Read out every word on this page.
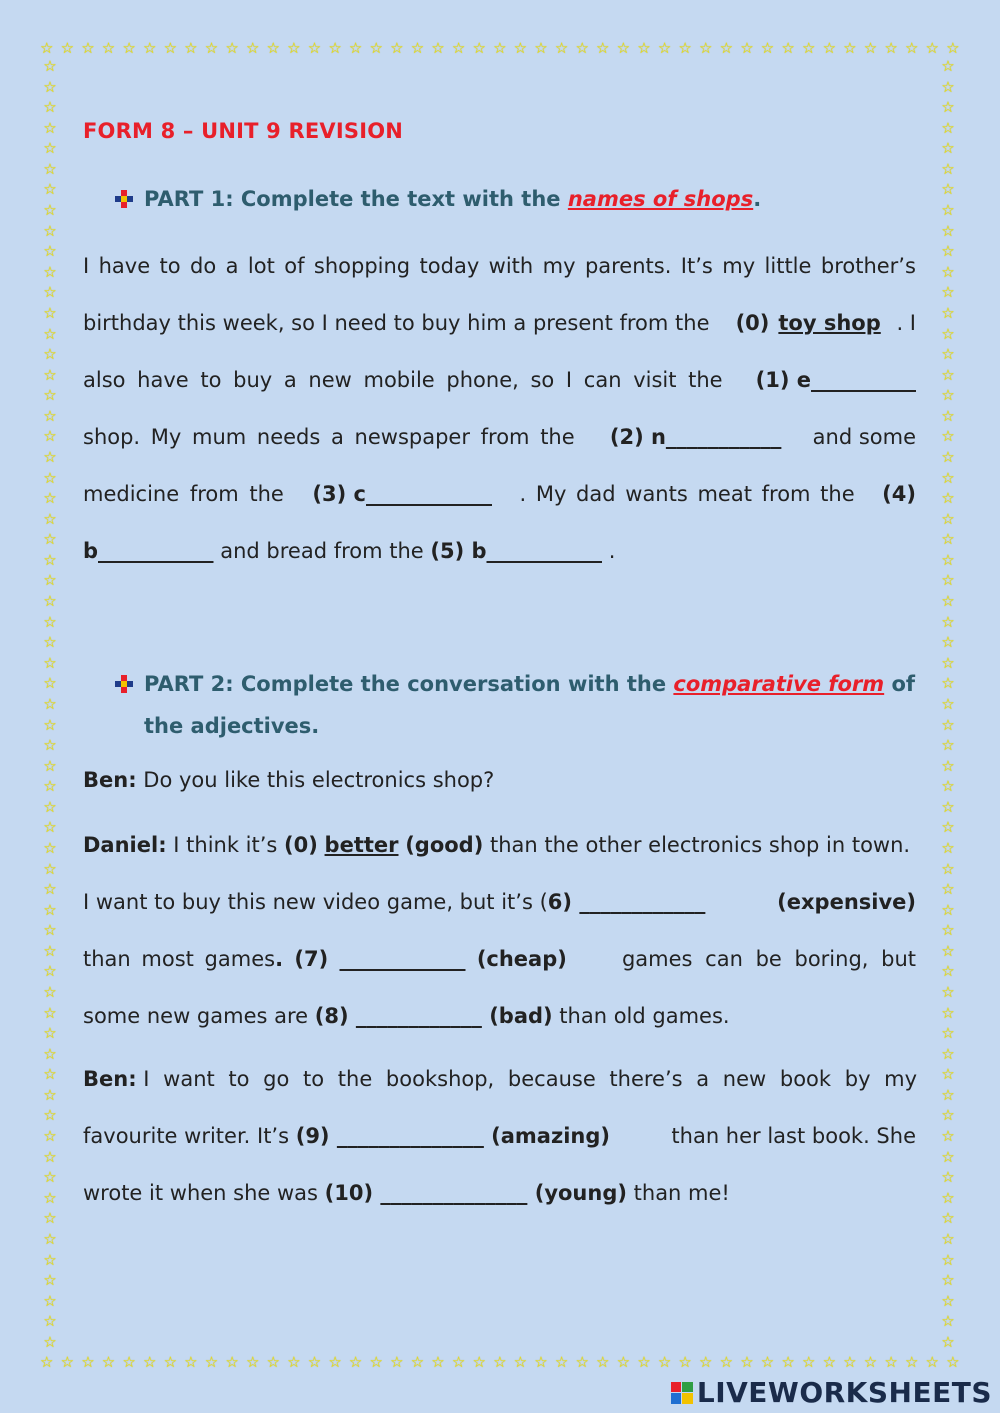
☆ ☆ ☆ ☆ ☆ ☆ ☆ ☆ ☆ ☆ ☆ ☆ ☆ ☆ ☆ ☆ ☆ ☆ ☆ ☆ ☆ ☆ ☆ ☆ ☆ ☆ ☆ ☆ ☆ ☆ ☆ ☆ ☆ ☆ ☆ ☆ ☆ ☆ ☆ ☆ ☆ ☆ ☆ ☆ ☆
☆ ☆ ☆ ☆ ☆ ☆ ☆ ☆ ☆ ☆ ☆ ☆ ☆ ☆ ☆ ☆ ☆ ☆ ☆ ☆ ☆ ☆ ☆ ☆ ☆ ☆ ☆ ☆ ☆ ☆ ☆ ☆ ☆ ☆ ☆ ☆ ☆ ☆ ☆ ☆ ☆ ☆ ☆ ☆ ☆
☆
☆
☆
☆
☆
☆
☆
☆
☆
☆
☆
☆
☆
☆
☆
☆
☆
☆
☆
☆
☆
☆
☆
☆
☆
☆
☆
☆
☆
☆
☆
☆
☆
☆
☆
☆
☆
☆
☆
☆
☆
☆
☆
☆
☆
☆
☆
☆
☆
☆
☆
☆
☆
☆
☆
☆
☆
☆
☆
☆
☆
☆
☆
☆
☆
☆
☆
☆
☆
☆
☆
☆
☆
☆
☆
☆
☆
☆
☆
☆
☆
☆
☆
☆
☆
☆
☆
☆
☆
☆
☆
☆
☆
☆
☆
☆
☆
☆
☆
☆
☆
☆
☆
☆
☆
☆
☆
☆
☆
☆
☆
☆
☆
☆
☆
☆
☆
☆
☆
☆
☆
☆
☆
☆
☆
☆
FORM 8 – UNIT 9 REVISION
PART 1: Complete the text with the names of shops.
I have to do a lot of shopping today with my parents. It’s my little brother’s
birthday this week, so I need to buy him a present from the (0) toy shop . I
also have to buy a new mobile phone, so I can visit the (1) e__________
shop. My mum needs a newspaper from the (2) n___________ and some
medicine from the (3) c____________ . My dad wants meat from the (4)
b___________ and bread from the (5) b___________ .
PART 2: Complete the conversation with the comparative form of
the adjectives.
Ben: Do you like this electronics shop?
Daniel:
I think it’s (0)
better
(good) than the other electronics shop in town.
I want to buy this new video game, but it’s (6) ____________	(expensive)
than most games. (7) ____________ (cheap) games can be boring, but
some new games are (8) ____________ (bad) than old games.
Ben:
I want to go to the bookshop, because there’s a new book by my
favourite writer. It’s (9) ______________ (amazing)	than her last book. She
wrote it when she was (10) ______________ (young) than me!
LIVEWORKSHEETS
